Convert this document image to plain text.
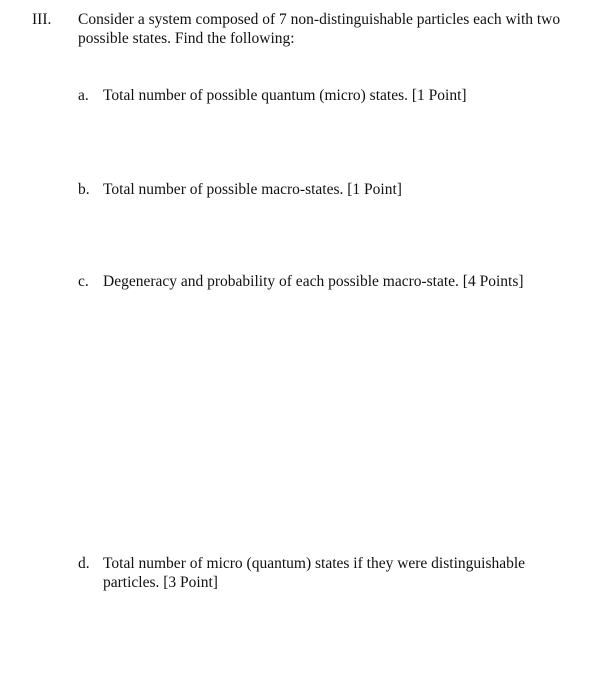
III. Consider a system composed of 7 non-distinguishable particles each with two possible states. Find the following:
a. Total number of possible quantum (micro) states. [1 Point]
b. Total number of possible macro-states. [1 Point]
c. Degeneracy and probability of each possible macro-state. [4 Points]
d. Total number of micro (quantum) states if they were distinguishable particles. [3 Point]
